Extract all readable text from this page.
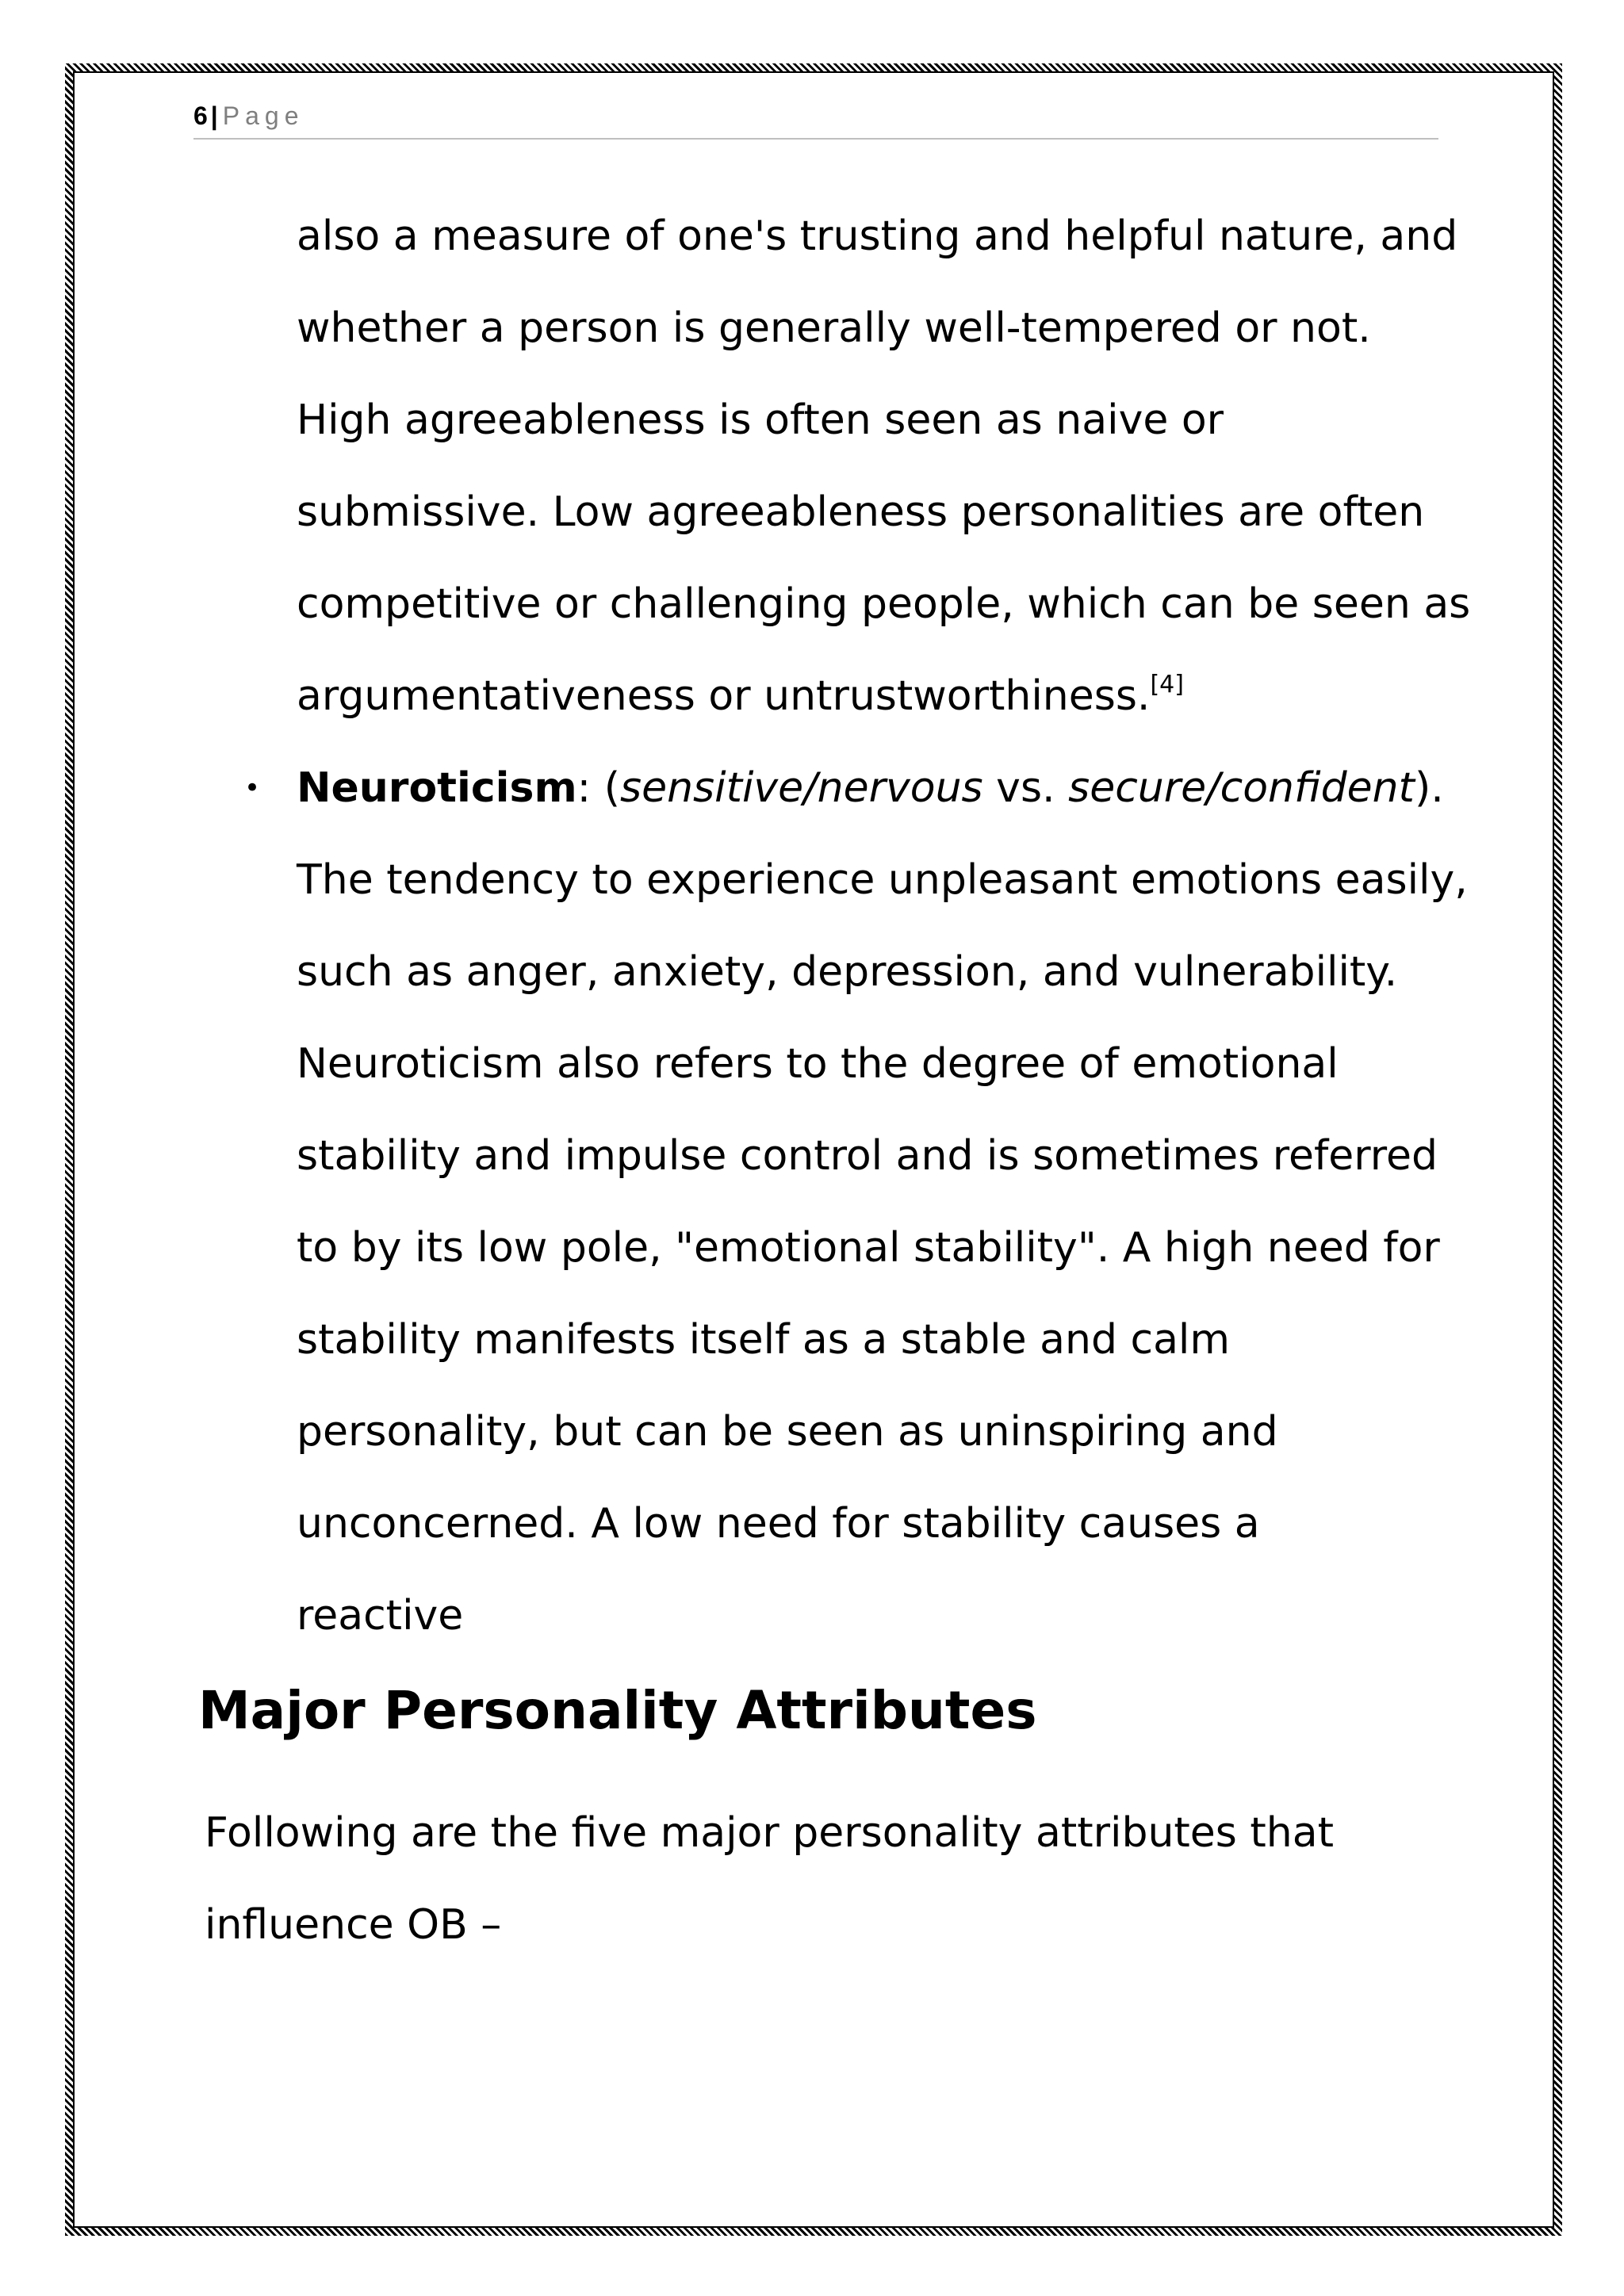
6 | Page
also a measure of one's trusting and helpful nature, and
whether a person is generally well-tempered or not.
High agreeableness is often seen as naive or
submissive. Low agreeableness personalities are often
competitive or challenging people, which can be seen as
argumentativeness or untrustworthiness.[4]
• Neuroticism: (sensitive/nervous vs. secure/confident).
The tendency to experience unpleasant emotions easily,
such as anger, anxiety, depression, and vulnerability.
Neuroticism also refers to the degree of emotional
stability and impulse control and is sometimes referred
to by its low pole, "emotional stability". A high need for
stability manifests itself as a stable and calm
personality, but can be seen as uninspiring and
unconcerned. A low need for stability causes a
reactive
Major Personality Attributes
Following are the five major personality attributes that
influence OB –
